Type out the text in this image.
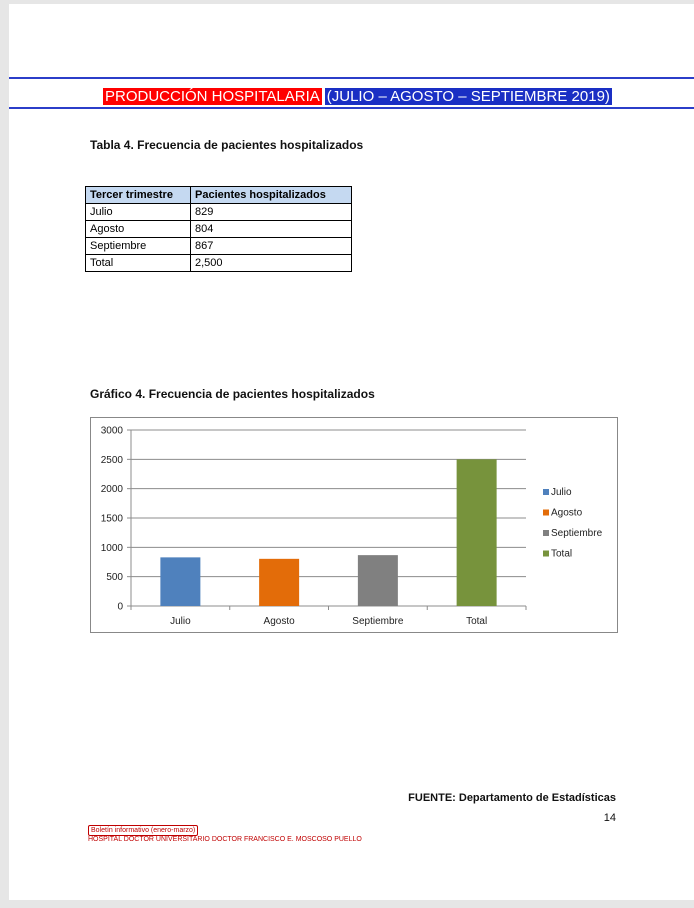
PRODUCCIÓN HOSPITALARIA (JULIO – AGOSTO – SEPTIEMBRE 2019)
Tabla 4. Frecuencia de pacientes hospitalizados
Tercer trimestre	Pacientes hospitalizados
Julio	829
Agosto	804
Septiembre	867
Total	2,500
Gráfico 4. Frecuencia de pacientes hospitalizados
0
500
1000
1500
2000
2500
3000
Julio	Agosto	Septiembre	Total
Julio
Agosto
Septiembre
Total
FUENTE: Departamento de Estadísticas
14
Boletín informativo (enero-marzo)
HOSPITAL DOCTOR UNIVERSITARIO DOCTOR FRANCISCO E. MOSCOSO PUELLO
